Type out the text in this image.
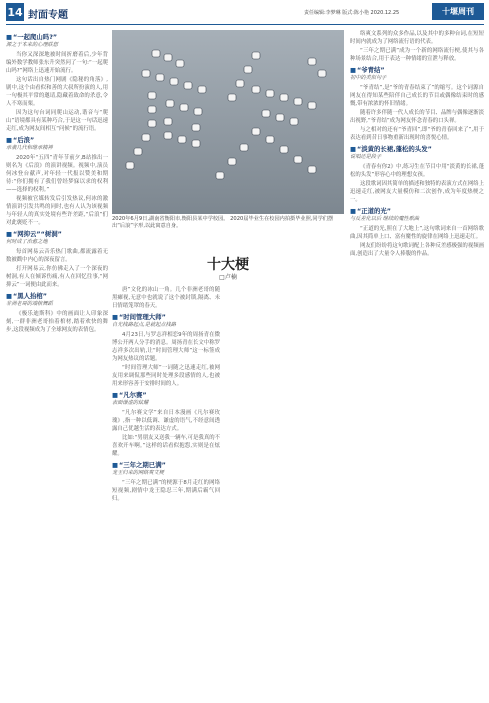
14 封面专题	责任编辑:李梦琳 版式:陈小艳 2020.12.25	十堰周刊
■ “一起爬山吗?”
源之于本来的心理联想

当你又深深地被时间折磨着后,少年背编外数学教师张东升突然问了一句:“一起爬山吗?”网络上迅速开始流行。

这句话出自热门网剧《隐秘的角落》,剧中,这个由看似和善的大叔所扮演的人,用一句极其平常的邀请,隐藏着致命的杀意,令人不寒而栗。

因为这句台词同爬山运动,谐音与“爬山”语境都具有某种巧合,于是这一句话迅速走红,成为网友间相互“问候”的流行语。

■ “后浪”
承袭几代和继承精神

2020年“五四”青年节前夕,B站推出一则名为《后浪》的演讲视频。视频中,演员何冰登台献声,对年轻一代报以赞美和期待:“你们拥有了我们曾经梦寐以求的权利——选择的权利。”

视频被官媒转发后引发热议,何冰的激情演讲引发共鸣的同时,也有人认为该视频与年轻人的真实处境有些许差距,“后浪”们对此褒贬不一。

■ “网抑云”“树洞”
何时成了治愈之地

每首网易云音乐热门歌曲,都流露着无数被戳中内心的深夜留言。

打开网易云,你仿佛走入了一个深夜的树洞,有人在倾诉伤痛,有人在回忆往事,“网抑云”一词便由此而来。

■ “黑人抬棺”
非洲老哥的端棺舞蹈

《极乐迪斯科》中的画面让人印象深刻,一群非洲老哥抬着棺材,踏着欢快的舞步,这段视频成为了全球网友的表情包。

2020年6月9日,湖南省衡阳市,衡阳县某中学校园。 2020届毕业生在校园内拍摄毕业照,同学们摆出“后浪”字形,以此寓意自身。
十大梗
□卢楠

唐”文化的冰山一角。几个非洲老哥的随黑瘫视,无意中也就说了这个被封锁,隔离、未日情绪笼罩的春天。

■ “时间管理大师”
自光栈路起点,是就起点栈路

4月23日,与罗志祥相恋9年的周扬青在微博公开两人分手的消息。周扬青在长文中称罗志祥多次出轨,让“时间管理大师”这一标签成为网友热议的话题。

“时间管理大师”一词随之迅速走红,被网友用来调侃那些同时处理多段感情的人,也被用来形容善于安排时间的人。

■ “凡尔赛”
表面谦虚的炫耀

“凡尔赛文学”来自日本漫画《凡尔赛玫瑰》,指一种以低调、谦虚的语气,不经意间透露自己优越生活的表达方式。

比如:“男朋友又送我一辆车,可是我真的不喜欢开车啊。”这样的话看似抱怨,实则是在炫耀。

■ “三年之期已满”
龙王归来的网络爽文梗

“三年之期已满”的梗源于8月走红的网络短视频,剧情中龙王隐忍三年,期满后霸气回归。

络爽文系列的众多作品,以及其中的多种台词,在短短时间内就成为了网络流行语的代表。

“三年之期已满”成为一个新的网络流行梗,使其与各种场景结合,用于表达一种情绪的宣泄与释放。

■ “爷青结”
初中的类似句子

“爷青结”,是“爷的青春结束了”的缩写。这个词源自网友在得知某些陪伴自己成长的节目或偶像结束时的感慨,带有浓浓的怀旧情绪。

随着许多伴随一代人成长的节目、品牌与偶像逐渐淡出视野,“爷青结”成为网友怀念青春的口头禅。

与之相对的还有“爷青回”,即“爷的青春回来了”,用于表达看到昔日事物重新出现时的喜悦心情。

■ “淡黄的长裙,蓬松的头发”
说唱还是段子

《青春有你2》中,练习生在节目中用“淡黄的长裙,蓬松的头发”形容心中的理想女孩。

这段歌词因其简单的描述和独特的表演方式在网络上迅速走红,被网友大量模仿和二次创作,成为年度热梗之一。

■ “正道的光”
与反差化以后 继续的魔性歌曲

“正道的光,照在了大地上”,这句歌词来自一首网络歌曲,因其简单上口、富有魔性的旋律在网络上迅速走红。

网友们纷纷将这句歌词配上各种反差感极强的视频画面,创造出了大量令人捧腹的作品。
